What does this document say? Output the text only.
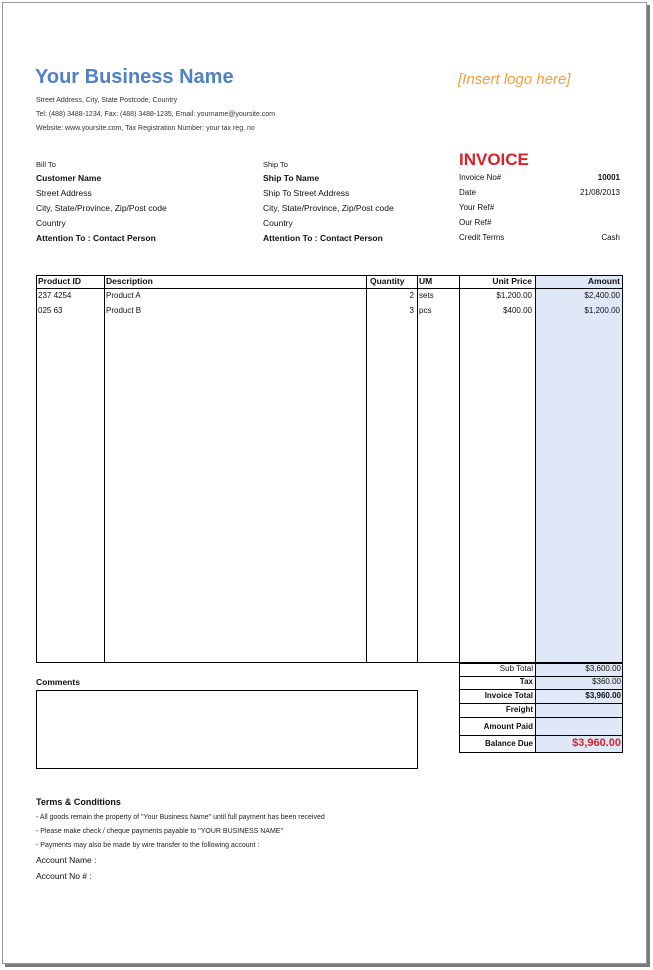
Your Business Name
Street Address, City, State Postcode, Country
Tel: (488) 3488-1234, Fax: (488) 3488-1235, Email: yourname@yoursite.com
Website: www.yoursite.com, Tax Registration Number: your tax reg. no
[Insert logo here]
Bill To
Customer Name
Street Address
City, State/Province, Zip/Post code
Country
Attention To : Contact Person
Ship To
Ship To Name
Ship To Street Address
City, State/Province, Zip/Post code
Country
Attention To : Contact Person
INVOICE
Invoice No#	10001
Date	21/08/2013
Your Ref#
Our Ref#
Credit Terms	Cash
Product ID	Description	Quantity UM	Unit Price	Amount
237 4254	Product A	2 sets	$1,200.00	$2,400.00
025 63	Product B	3 pcs	$400.00	$1,200.00
Sub Total	$3,600.00
Tax	$360.00
Invoice Total	$3,960.00
Freight
Amount Paid
Balance Due	$3,960.00
Comments
Terms & Conditions
- All goods remain the property of "Your Business Name" until full payment has been received
- Please make check / cheque payments payable to "YOUR BUSINESS NAME"
- Payments may also be made by wire transfer to the following account :
Account Name :
Account No # :
